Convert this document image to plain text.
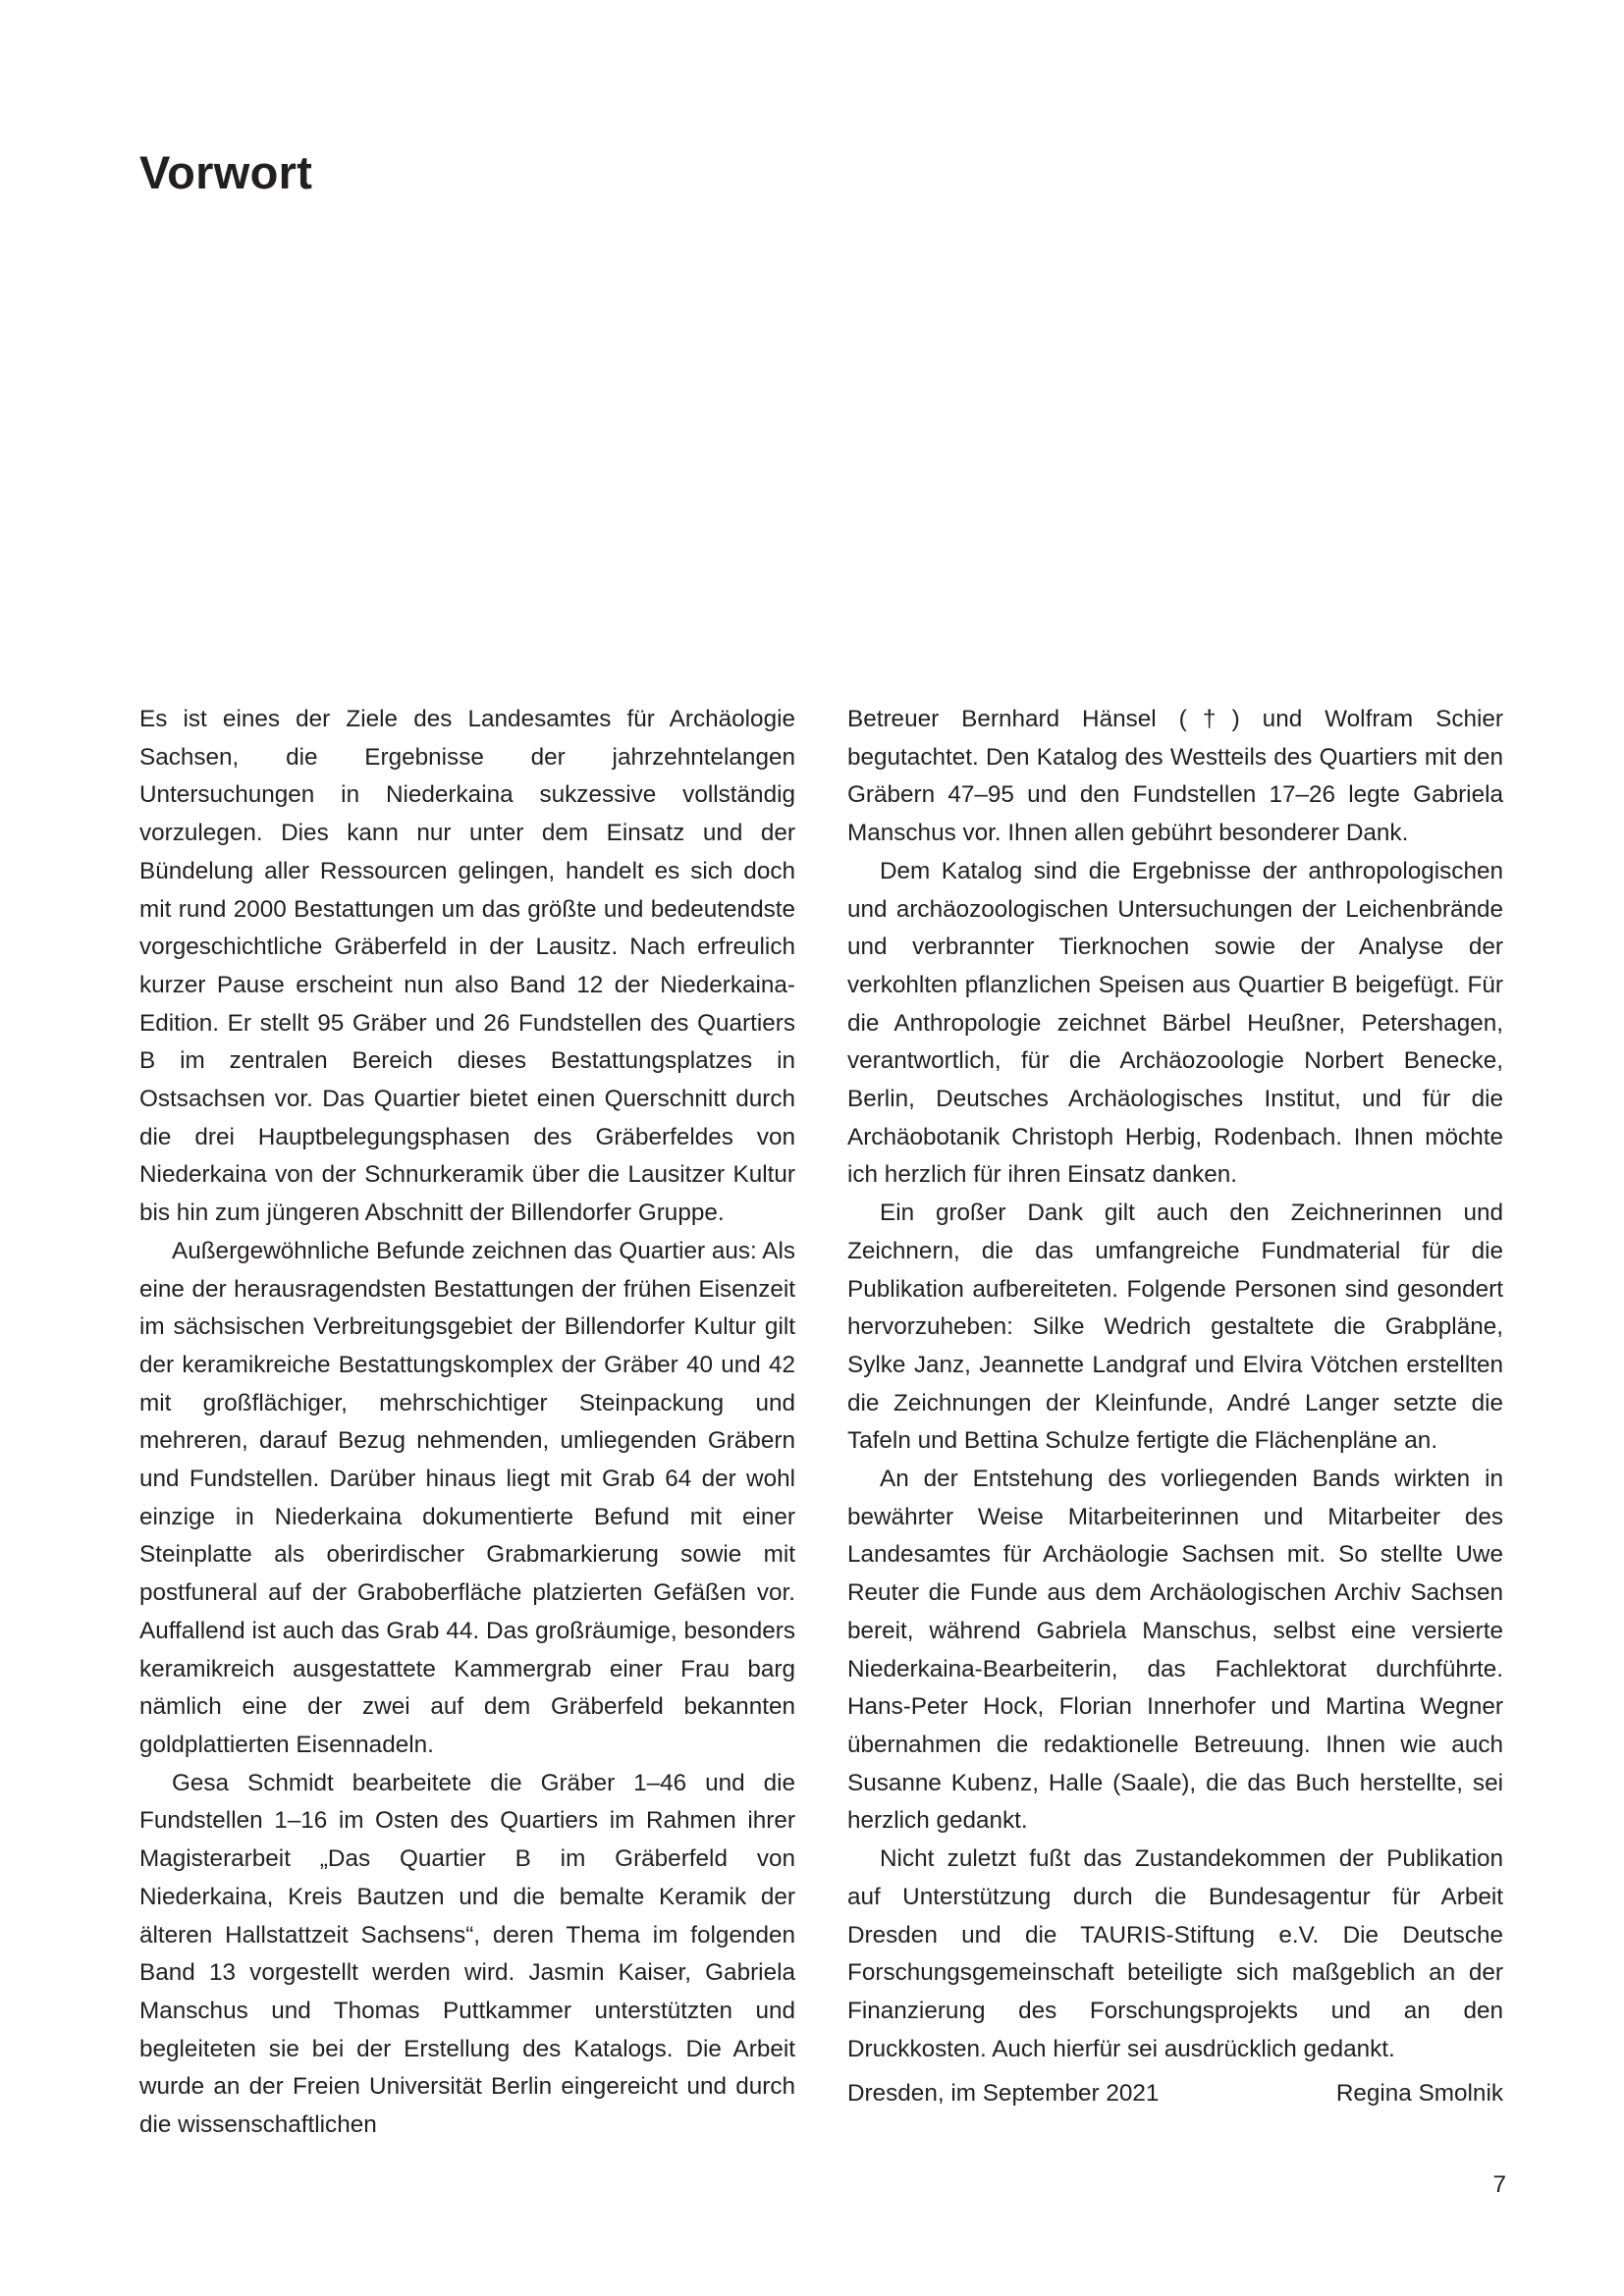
Vorwort

Es ist eines der Ziele des Landesamtes für Archäologie Sachsen, die Ergebnisse der jahrzehntelangen Untersuchungen in Niederkaina sukzessive vollständig vorzulegen. Dies kann nur unter dem Einsatz und der Bündelung aller Ressourcen gelingen, handelt es sich doch mit rund 2000 Bestattungen um das größte und bedeutendste vorgeschichtliche Gräberfeld in der Lausitz. Nach erfreulich kurzer Pause erscheint nun also Band 12 der Niederkaina-Edition. Er stellt 95 Gräber und 26 Fundstellen des Quartiers B im zentralen Bereich dieses Bestattungsplatzes in Ostsachsen vor. Das Quartier bietet einen Querschnitt durch die drei Hauptbelegungsphasen des Gräberfeldes von Niederkaina von der Schnurkeramik über die Lausitzer Kultur bis hin zum jüngeren Abschnitt der Billendorfer Gruppe.

Außergewöhnliche Befunde zeichnen das Quartier aus: Als eine der herausragendsten Bestattungen der frühen Eisenzeit im sächsischen Verbreitungsgebiet der Billendorfer Kultur gilt der keramikreiche Bestattungskomplex der Gräber 40 und 42 mit großflächiger, mehrschichtiger Steinpackung und mehreren, darauf Bezug nehmenden, umliegenden Gräbern und Fundstellen. Darüber hinaus liegt mit Grab 64 der wohl einzige in Niederkaina dokumentierte Befund mit einer Steinplatte als oberirdischer Grabmarkierung sowie mit postfuneral auf der Graboberfläche platzierten Gefäßen vor. Auffallend ist auch das Grab 44. Das großräumige, besonders keramikreich ausgestattete Kammergrab einer Frau barg nämlich eine der zwei auf dem Gräberfeld bekannten goldplattierten Eisennadeln.

Gesa Schmidt bearbeitete die Gräber 1–46 und die Fundstellen 1–16 im Osten des Quartiers im Rahmen ihrer Magisterarbeit „Das Quartier B im Gräberfeld von Niederkaina, Kreis Bautzen und die bemalte Keramik der älteren Hallstattzeit Sachsens“, deren Thema im folgenden Band 13 vorgestellt werden wird. Jasmin Kaiser, Gabriela Manschus und Thomas Puttkammer unterstützten und begleiteten sie bei der Erstellung des Katalogs. Die Arbeit wurde an der Freien Universität Berlin eingereicht und durch die wissenschaftlichen

Betreuer Bernhard Hänsel (†) und Wolfram Schier begutachtet. Den Katalog des Westteils des Quartiers mit den Gräbern 47–95 und den Fundstellen 17–26 legte Gabriela Manschus vor. Ihnen allen gebührt besonderer Dank.

Dem Katalog sind die Ergebnisse der anthropologischen und archäozoologischen Untersuchungen der Leichenbrände und verbrannter Tierknochen sowie der Analyse der verkohlten pflanzlichen Speisen aus Quartier B beigefügt. Für die Anthropologie zeichnet Bärbel Heußner, Petershagen, verantwortlich, für die Archäozoologie Norbert Benecke, Berlin, Deutsches Archäologisches Institut, und für die Archäobotanik Christoph Herbig, Rodenbach. Ihnen möchte ich herzlich für ihren Einsatz danken.

Ein großer Dank gilt auch den Zeichnerinnen und Zeichnern, die das umfangreiche Fundmaterial für die Publikation aufbereiteten. Folgende Personen sind gesondert hervorzuheben: Silke Wedrich gestaltete die Grabpläne, Sylke Janz, Jeannette Landgraf und Elvira Vötchen erstellten die Zeichnungen der Kleinfunde, André Langer setzte die Tafeln und Bettina Schulze fertigte die Flächenpläne an.

An der Entstehung des vorliegenden Bands wirkten in bewährter Weise Mitarbeiterinnen und Mitarbeiter des Landesamtes für Archäologie Sachsen mit. So stellte Uwe Reuter die Funde aus dem Archäologischen Archiv Sachsen bereit, während Gabriela Manschus, selbst eine versierte Niederkaina-Bearbeiterin, das Fachlektorat durchführte. Hans-Peter Hock, Florian Innerhofer und Martina Wegner übernahmen die redaktionelle Betreuung. Ihnen wie auch Susanne Kubenz, Halle (Saale), die das Buch herstellte, sei herzlich gedankt.

Nicht zuletzt fußt das Zustandekommen der Publikation auf Unterstützung durch die Bundesagentur für Arbeit Dresden und die TAURIS-Stiftung e.V. Die Deutsche Forschungsgemeinschaft beteiligte sich maßgeblich an der Finanzierung des Forschungsprojekts und an den Druckkosten. Auch hierfür sei ausdrücklich gedankt.

Dresden, im September 2021	Regina Smolnik

7
